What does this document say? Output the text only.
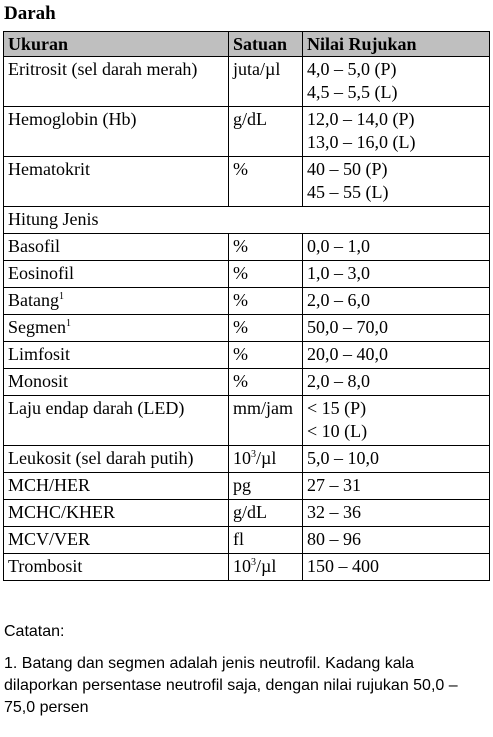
Darah
Ukuran	Satuan	Nilai Rujukan
Eritrosit (sel darah merah)	juta/µl	4,0 – 5,0 (P)
4,5 – 5,5 (L)

Hemoglobin (Hb)	g/dL	12,0 – 14,0 (P)
13,0 – 16,0 (L)

Hematokrit	%	40 – 50 (P)
45 – 55 (L)

Hitung Jenis		
Basofil	%	0,0 – 1,0
Eosinofil	%	1,0 – 3,0
Batang$^1$	%	2,0 – 6,0
Segmen$^1$	%	50,0 – 70,0
Limfosit	%	20,0 – 40,0
Monosit	%	2,0 – 8,0
Laju endap darah (LED)	mm/jam	< 15 (P)
< 10 (L)

Leukosit (sel darah putih)	$10^3/\mu l$	5,0 – 10,0
MCH/HER	pg	27 – 31
MCHC/KHER	g/dL	32 – 36
MCV/VER	fl	80 – 96
Trombosit	$10^3/\mu l$	150 – 400

Catatan:

1. Batang dan segmen adalah jenis neutrofil. Kadang kala dilaporkan persentase neutrofil saja, dengan nilai rujukan 50,0 – 75,0 persen
